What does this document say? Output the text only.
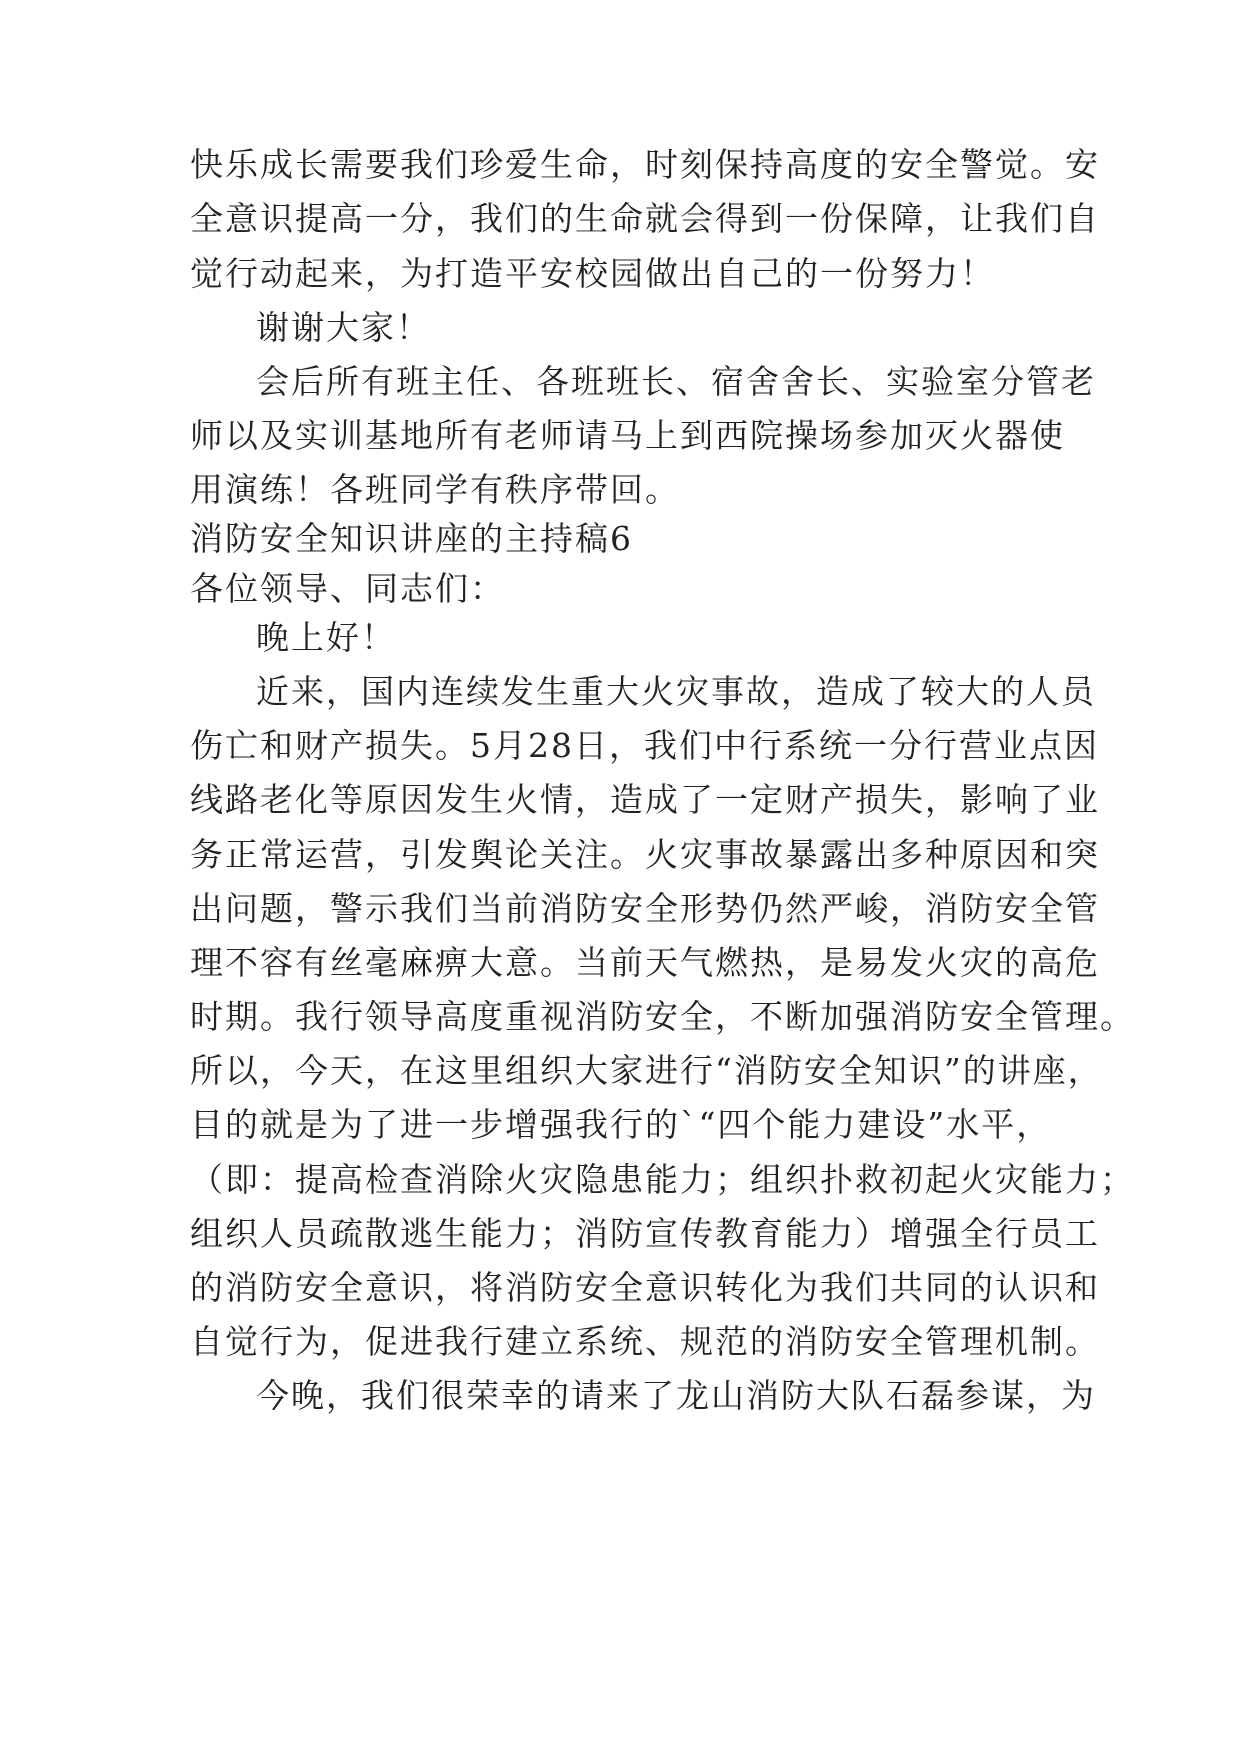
快乐成长需要我们珍爱生命，时刻保持高度的安全警觉。安
全意识提高一分，我们的生命就会得到一份保障，让我们自
觉行动起来，为打造平安校园做出自己的一份努力！
谢谢大家！
会后所有班主任、各班班长、宿舍舍长、实验室分管老
师以及实训基地所有老师请马上到西院操场参加灭火器使
用演练！各班同学有秩序带回。
消防安全知识讲座的主持稿6
各位领导、同志们：
晚上好！
近来，国内连续发生重大火灾事故，造成了较大的人员
伤亡和财产损失。5月28日，我们中行系统一分行营业点因
线路老化等原因发生火情，造成了一定财产损失，影响了业
务正常运营，引发舆论关注。火灾事故暴露出多种原因和突
出问题，警示我们当前消防安全形势仍然严峻，消防安全管
理不容有丝毫麻痹大意。当前天气燃热，是易发火灾的高危
时期。我行领导高度重视消防安全，不断加强消防安全管理。
所以，今天，在这里组织大家进行“消防安全知识”的讲座，
目的就是为了进一步增强我行的`“四个能力建设”水平，
（即：提高检查消除火灾隐患能力；组织扑救初起火灾能力；
组织人员疏散逃生能力；消防宣传教育能力）增强全行员工
的消防安全意识，将消防安全意识转化为我们共同的认识和
自觉行为，促进我行建立系统、规范的消防安全管理机制。
今晚，我们很荣幸的请来了龙山消防大队石磊参谋，为
